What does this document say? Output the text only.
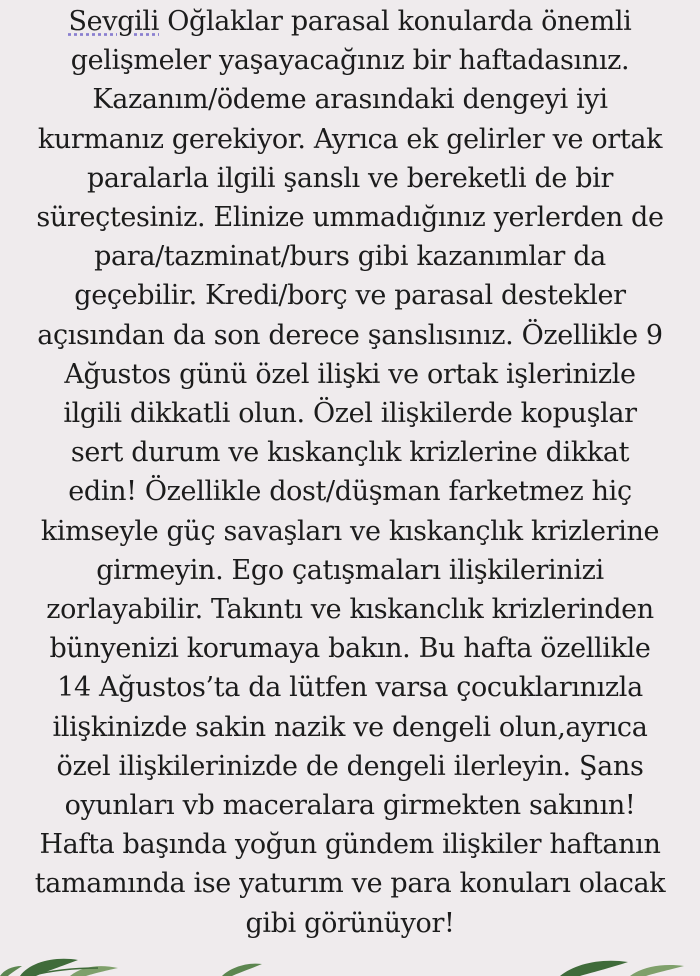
Sevgili Oğlaklar parasal konularda önemli
gelişmeler yaşayacağınız bir haftadasınız.
Kazanım/ödeme arasındaki dengeyi iyi
kurmanız gerekiyor. Ayrıca ek gelirler ve ortak
paralarla ilgili şanslı ve bereketli de bir
süreçtesiniz. Elinize ummadığınız yerlerden de
para/tazminat/burs gibi kazanımlar da
geçebilir. Kredi/borç ve parasal destekler
açısından da son derece şanslısınız. Özellikle 9
Ağustos günü özel ilişki ve ortak işlerinizle
ilgili dikkatli olun. Özel ilişkilerde kopuşlar
sert durum ve kıskançlık krizlerine dikkat
edin! Özellikle dost/düşman farketmez hiç
kimseyle güç savaşları ve kıskançlık krizlerine
girmeyin. Ego çatışmaları ilişkilerinizi
zorlayabilir. Takıntı ve kıskanclık krizlerinden
bünyenizi korumaya bakın. Bu hafta özellikle
14 Ağustos’ta da lütfen varsa çocuklarınızla
ilişkinizde sakin nazik ve dengeli olun,ayrıca
özel ilişkilerinizde de dengeli ilerleyin. Şans
oyunları vb maceralara girmekten sakının!
Hafta başında yoğun gündem ilişkiler haftanın
tamamında ise yaturım ve para konuları olacak
gibi görünüyor!
